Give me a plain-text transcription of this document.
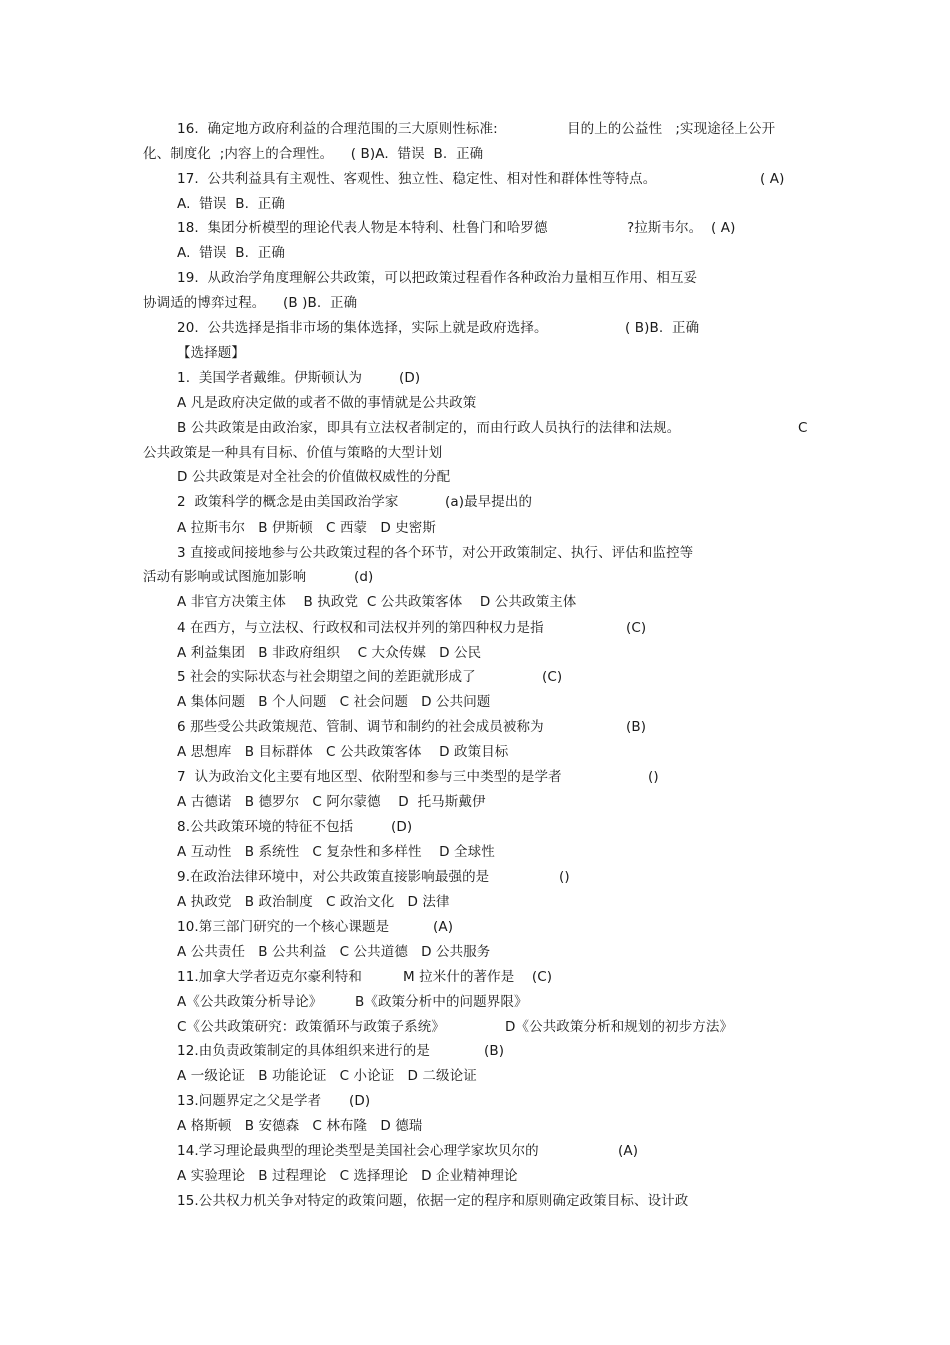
16.  确定地方政府利益的合理范围的三大原则性标准:	目的上的公益性   ;实现途径上公开
化、制度化  ;内容上的合理性。    ( B)A.  错误  B.  正确
17.  公共利益具有主观性、客观性、独立性、稳定性、相对性和群体性等特点。	( A)
A.  错误  B.  正确
18.  集团分析模型的理论代表人物是本特利、杜鲁门和哈罗德	?拉斯韦尔。  ( A)
A.  错误  B.  正确
19.  从政治学角度理解公共政策，可以把政策过程看作各种政治力量相互作用、相互妥
协调适的博弈过程。    (B )B.  正确
20.  公共选择是指非市场的集体选择，实际上就是政府选择。	( B)B.  正确
【选择题】
1.  美国学者戴维。伊斯顿认为	(D)
A 凡是政府决定做的或者不做的事情就是公共政策
B 公共政策是由政治家，即具有立法权者制定的，而由行政人员执行的法律和法规。	C
公共政策是一种具有目标、价值与策略的大型计划
D 公共政策是对全社会的价值做权威性的分配
2  政策科学的概念是由美国政治学家	(a)最早提出的
A 拉斯韦尔   B 伊斯顿   C 西蒙   D 史密斯
3 直接或间接地参与公共政策过程的各个环节，对公开政策制定、执行、评估和监控等
活动有影响或试图施加影响	(d)
A 非官方决策主体    B 执政党  C 公共政策客体    D 公共政策主体
4 在西方，与立法权、行政权和司法权并列的第四种权力是指	(C)
A 利益集团   B 非政府组织    C 大众传媒   D 公民
5 社会的实际状态与社会期望之间的差距就形成了	(C)
A 集体问题   B 个人问题   C 社会问题   D 公共问题
6 那些受公共政策规范、管制、调节和制约的社会成员被称为	(B)
A 思想库   B 目标群体   C 公共政策客体    D 政策目标
7  认为政治文化主要有地区型、依附型和参与三中类型的是学者	()
A 古德诺   B 德罗尔   C 阿尔蒙德    D  托马斯戴伊
8.公共政策环境的特征不包括	(D)
A 互动性   B 系统性   C 复杂性和多样性    D 全球性
9.在政治法律环境中，对公共政策直接影响最强的是	()
A 执政党   B 政治制度   C 政治文化   D 法律
10.第三部门研究的一个核心课题是	(A)
A 公共责任   B 公共利益   C 公共道德   D 公共服务
11.加拿大学者迈克尔豪利特和	M 拉米什的著作是    (C)
A《公共政策分析导论》 B《政策分析中的问题界限》
C《公共政策研究：政策循环与政策子系统》	D《公共政策分析和规划的初步方法》
12.由负责政策制定的具体组织来进行的是	(B)
A 一级论证   B 功能论证   C 小论证   D 二级论证
13.问题界定之父是学者 (D)
A 格斯顿   B 安德森   C 林布隆   D 德瑞
14.学习理论最典型的理论类型是美国社会心理学家坎贝尔的	(A)
A 实验理论   B 过程理论   C 选择理论   D 企业精神理论
15.公共权力机关争对特定的政策问题，依据一定的程序和原则确定政策目标、设计政
